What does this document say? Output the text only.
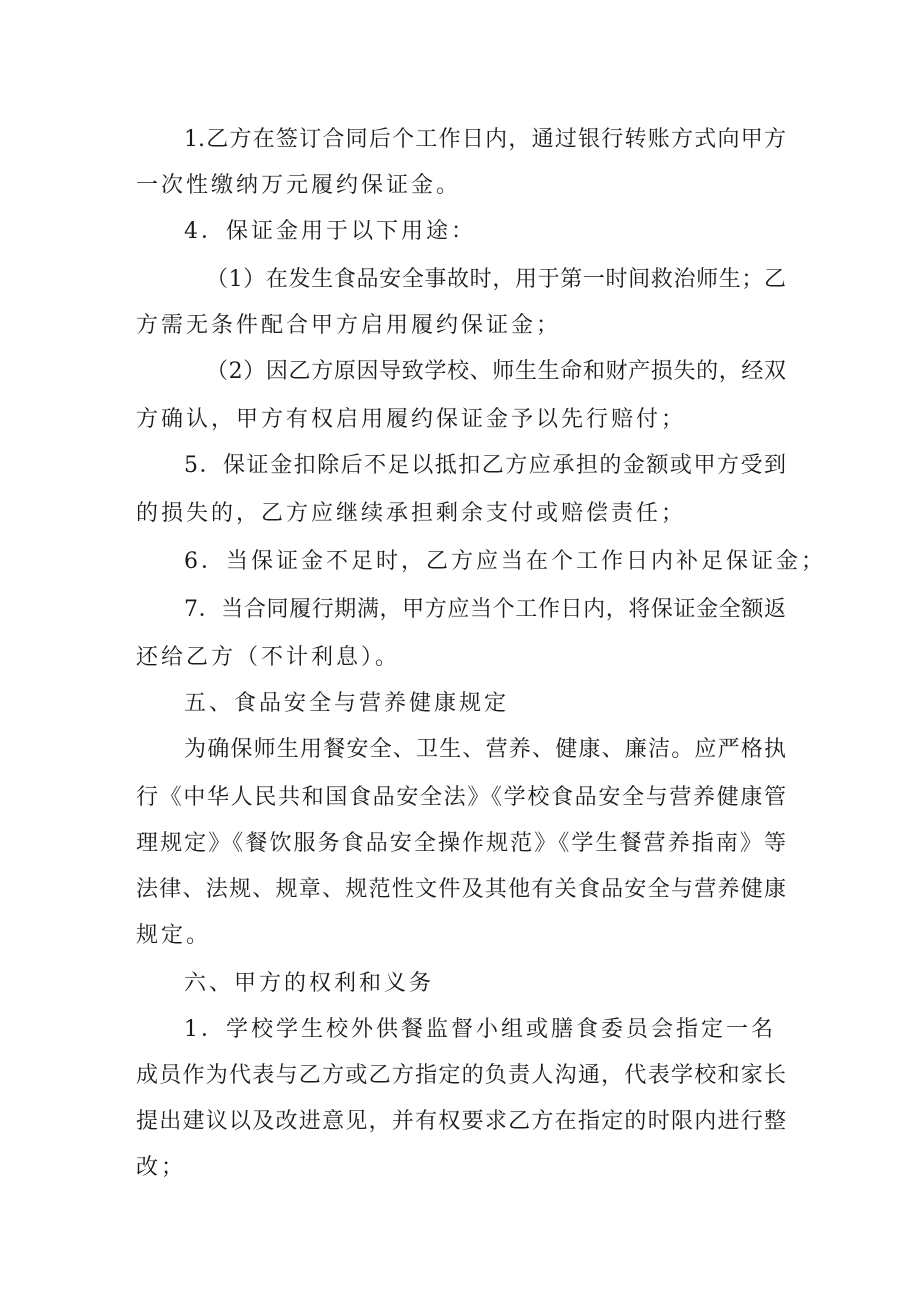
1.乙方在签订合同后个工作日内，通过银行转账方式向甲方
一次性缴纳万元履约保证金。
4．保证金用于以下用途：
（1）在发生食品安全事故时，用于第一时间救治师生；乙
方需无条件配合甲方启用履约保证金；
（2）因乙方原因导致学校、师生生命和财产损失的，经双
方确认，甲方有权启用履约保证金予以先行赔付；
5．保证金扣除后不足以抵扣乙方应承担的金额或甲方受到
的损失的，乙方应继续承担剩余支付或赔偿责任；
6．当保证金不足时，乙方应当在个工作日内补足保证金；
7．当合同履行期满，甲方应当个工作日内，将保证金全额返
还给乙方（不计利息）。
五、食品安全与营养健康规定
为确保师生用餐安全、卫生、营养、健康、廉洁。应严格执
行《中华人民共和国食品安全法》《学校食品安全与营养健康管
理规定》《餐饮服务食品安全操作规范》《学生餐营养指南》等
法律、法规、规章、规范性文件及其他有关食品安全与营养健康
规定。
六、甲方的权利和义务
1．学校学生校外供餐监督小组或膳食委员会指定一名
成员作为代表与乙方或乙方指定的负责人沟通，代表学校和家长
提出建议以及改进意见，并有权要求乙方在指定的时限内进行整
改；
